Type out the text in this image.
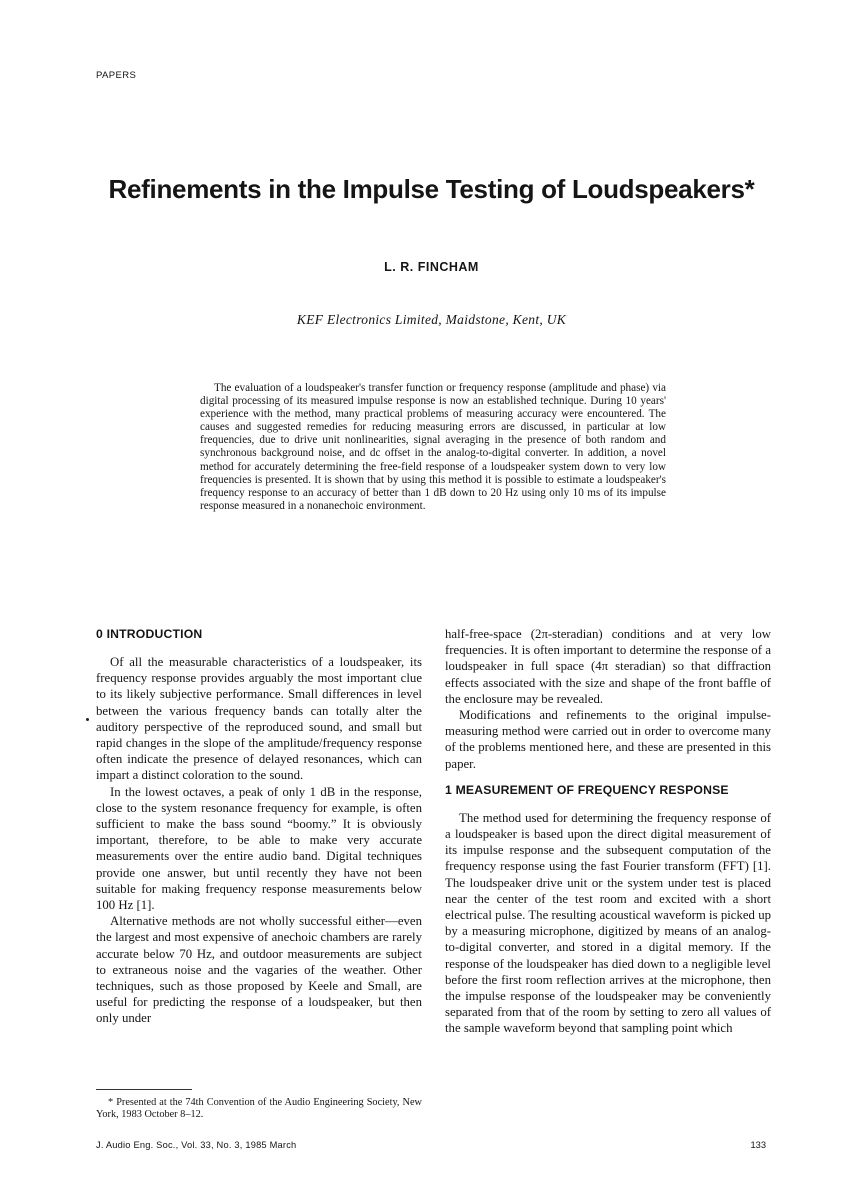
PAPERS
Refinements in the Impulse Testing of Loudspeakers*
L. R. FINCHAM
KEF Electronics Limited, Maidstone, Kent, UK

The evaluation of a loudspeaker's transfer function or frequency response (amplitude and phase) via digital processing of its measured impulse response is now an established technique. During 10 years' experience with the method, many practical problems of measuring accuracy were encountered. The causes and suggested remedies for reducing measuring errors are discussed, in particular at low frequencies, due to drive unit nonlinearities, signal averaging in the presence of both random and synchronous background noise, and dc offset in the analog-to-digital converter. In addition, a novel method for accurately determining the free-field response of a loudspeaker system down to very low frequencies is presented. It is shown that by using this method it is possible to estimate a loudspeaker's frequency response to an accuracy of better than 1 dB down to 20 Hz using only 10 ms of its impulse response measured in a nonanechoic environment.

0 INTRODUCTION

Of all the measurable characteristics of a loudspeaker, its frequency response provides arguably the most important clue to its likely subjective performance. Small differences in level between the various frequency bands can totally alter the auditory perspective of the reproduced sound, and small but rapid changes in the slope of the amplitude/frequency response often indicate the presence of delayed resonances, which can impart a distinct coloration to the sound.

In the lowest octaves, a peak of only 1 dB in the response, close to the system resonance frequency for example, is often sufficient to make the bass sound “boomy.” It is obviously important, therefore, to be able to make very accurate measurements over the entire audio band. Digital techniques provide one answer, but until recently they have not been suitable for making frequency response measurements below 100 Hz [1].

Alternative methods are not wholly successful either—even the largest and most expensive of anechoic chambers are rarely accurate below 70 Hz, and outdoor measurements are subject to extraneous noise and the vagaries of the weather. Other techniques, such as those proposed by Keele and Small, are useful for predicting the response of a loudspeaker, but then only under

* Presented at the 74th Convention of the Audio Engineering Society, New York, 1983 October 8–12.

half-free-space (2π-steradian) conditions and at very low frequencies. It is often important to determine the response of a loudspeaker in full space (4π steradian) so that diffraction effects associated with the size and shape of the front baffle of the enclosure may be revealed.

Modifications and refinements to the original impulse-measuring method were carried out in order to overcome many of the problems mentioned here, and these are presented in this paper.

1 MEASUREMENT OF FREQUENCY RESPONSE

The method used for determining the frequency response of a loudspeaker is based upon the direct digital measurement of its impulse response and the subsequent computation of the frequency response using the fast Fourier transform (FFT) [1]. The loudspeaker drive unit or the system under test is placed near the center of the test room and excited with a short electrical pulse. The resulting acoustical waveform is picked up by a measuring microphone, digitized by means of an analog-to-digital converter, and stored in a digital memory. If the response of the loudspeaker has died down to a negligible level before the first room reflection arrives at the microphone, then the impulse response of the loudspeaker may be conveniently separated from that of the room by setting to zero all values of the sample waveform beyond that sampling point which

J. Audio Eng. Soc., Vol. 33, No. 3, 1985 March	133
